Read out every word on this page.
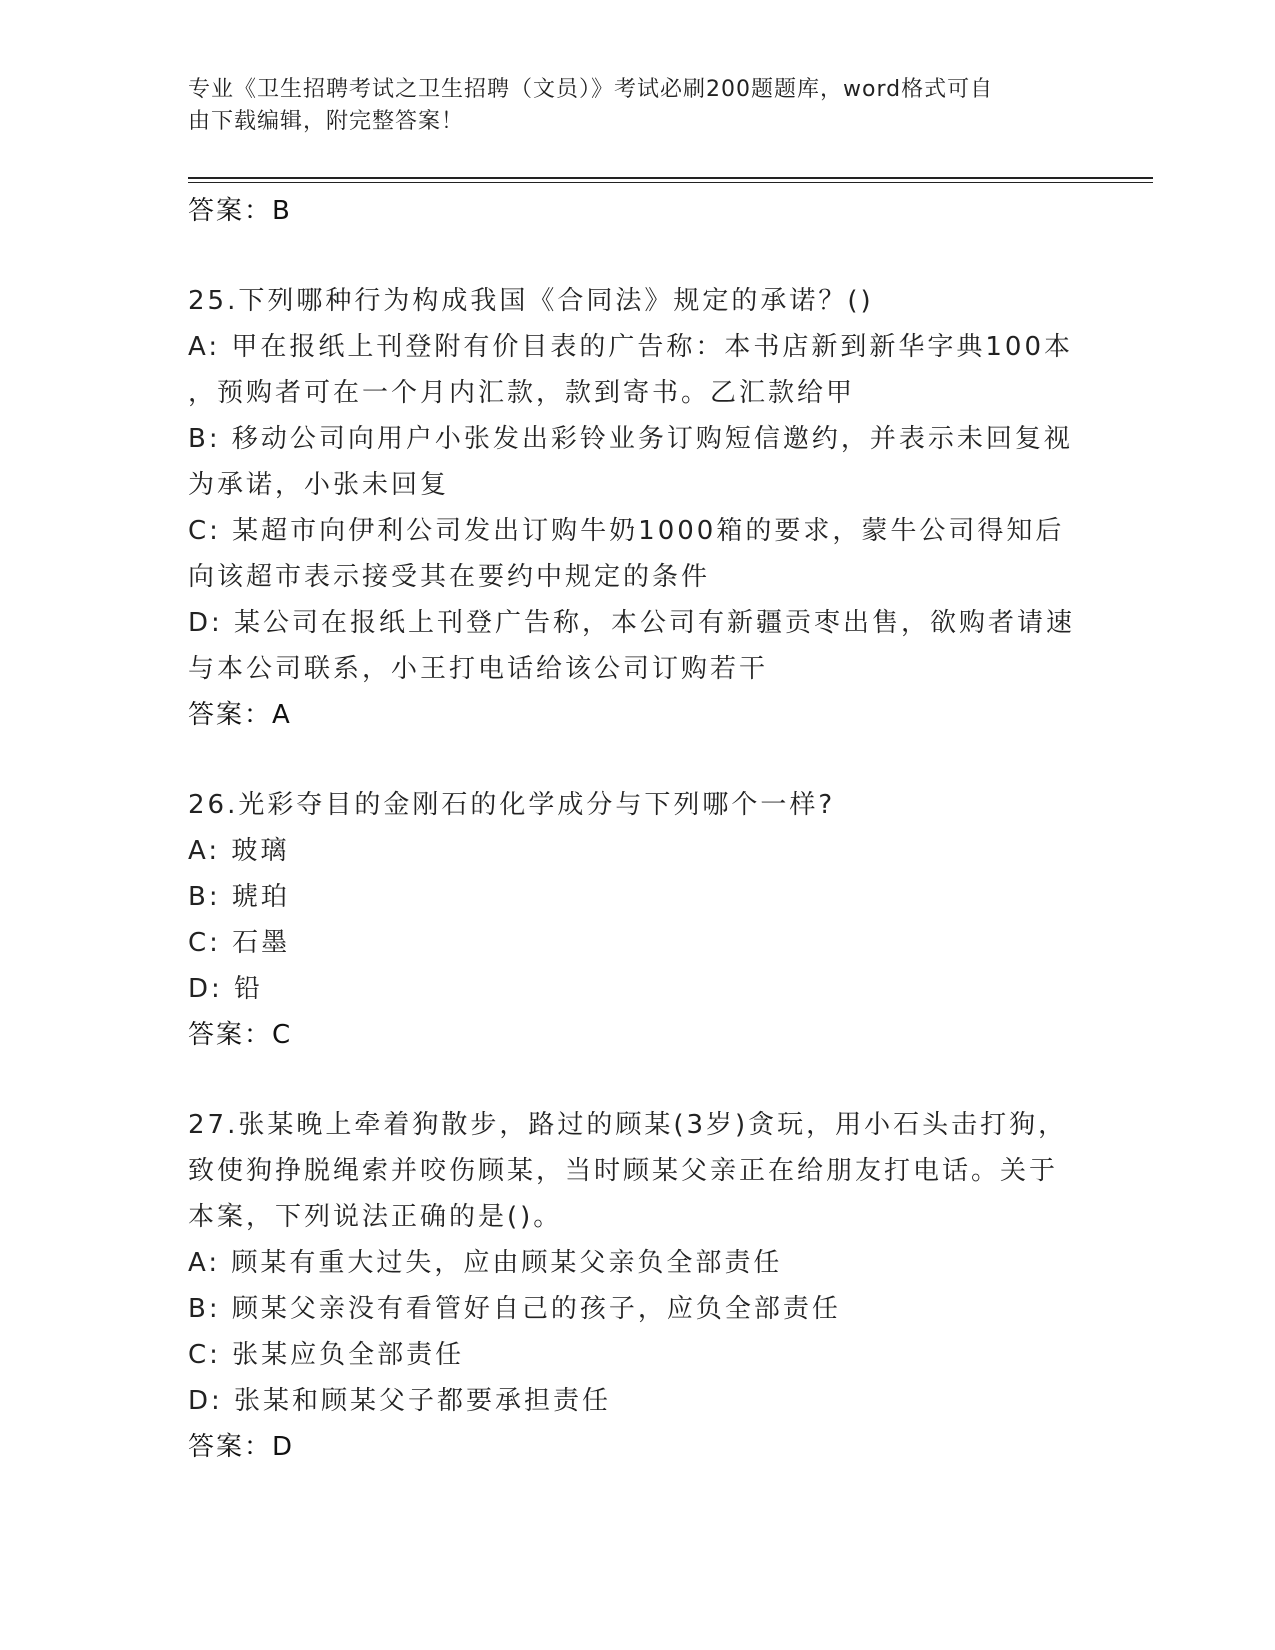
专业《卫生招聘考试之卫生招聘（文员）》考试必刷200题题库，word格式可自
由下载编辑，附完整答案！
答案：B
25.下列哪种行为构成我国《合同法》规定的承诺？()
A: 甲在报纸上刊登附有价目表的广告称：本书店新到新华字典100本
，预购者可在一个月内汇款，款到寄书。乙汇款给甲
B: 移动公司向用户小张发出彩铃业务订购短信邀约，并表示未回复视
为承诺，小张未回复
C: 某超市向伊利公司发出订购牛奶1000箱的要求，蒙牛公司得知后
向该超市表示接受其在要约中规定的条件
D: 某公司在报纸上刊登广告称，本公司有新疆贡枣出售，欲购者请速
与本公司联系，小王打电话给该公司订购若干
答案：A
26.光彩夺目的金刚石的化学成分与下列哪个一样?
A: 玻璃
B: 琥珀
C: 石墨
D: 铅
答案：C
27.张某晚上牵着狗散步，路过的顾某(3岁)贪玩，用小石头击打狗，
致使狗挣脱绳索并咬伤顾某，当时顾某父亲正在给朋友打电话。关于
本案，下列说法正确的是()。
A: 顾某有重大过失，应由顾某父亲负全部责任
B: 顾某父亲没有看管好自己的孩子，应负全部责任
C: 张某应负全部责任
D: 张某和顾某父子都要承担责任
答案：D
